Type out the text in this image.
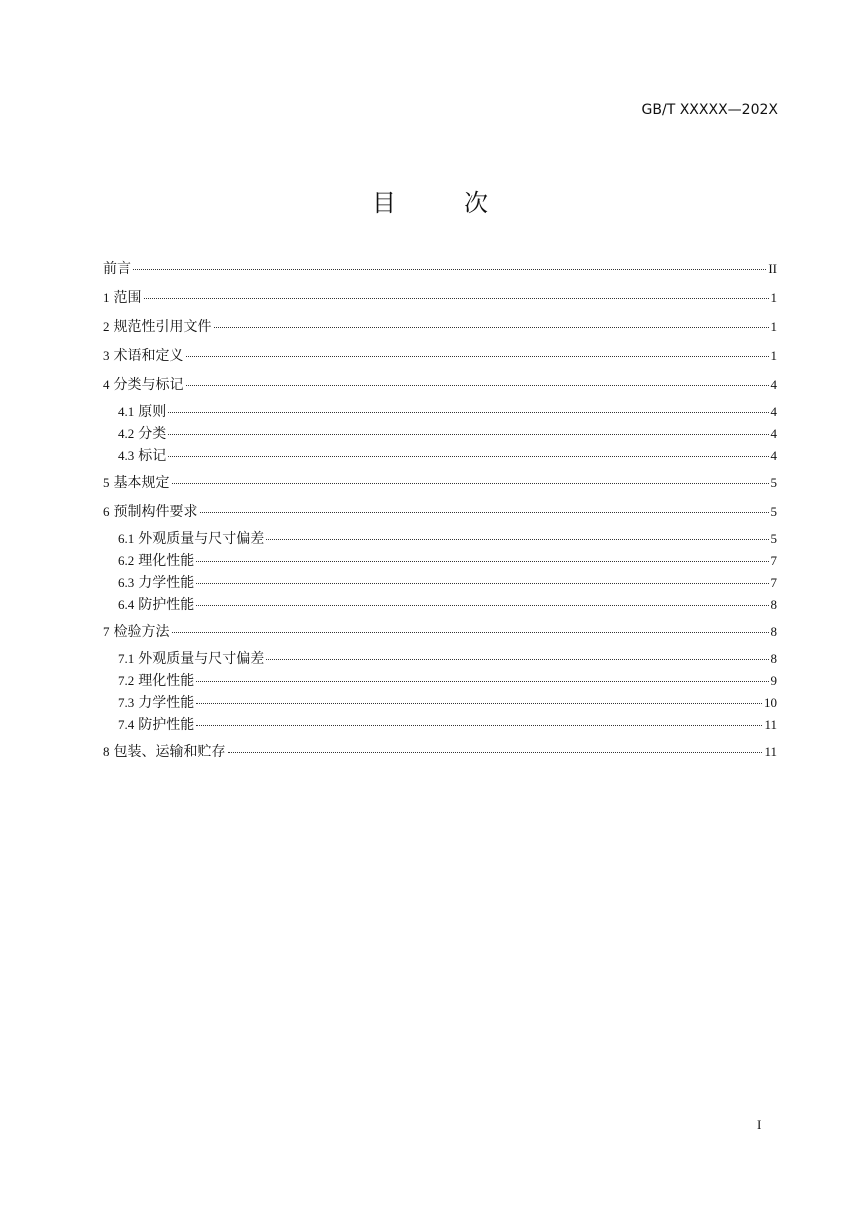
GB/T XXXXX—202X
目　次
前言	II
1 范围	1
2 规范性引用文件	1
3 术语和定义	1
4 分类与标记	4
4.1 原则	4
4.2 分类	4
4.3 标记	4
5 基本规定	5
6 预制构件要求	5
6.1 外观质量与尺寸偏差	5
6.2 理化性能	7
6.3 力学性能	7
6.4 防护性能	8
7 检验方法	8
7.1 外观质量与尺寸偏差	8
7.2 理化性能	9
7.3 力学性能	10
7.4 防护性能	11
8 包装、运输和贮存	11
I
